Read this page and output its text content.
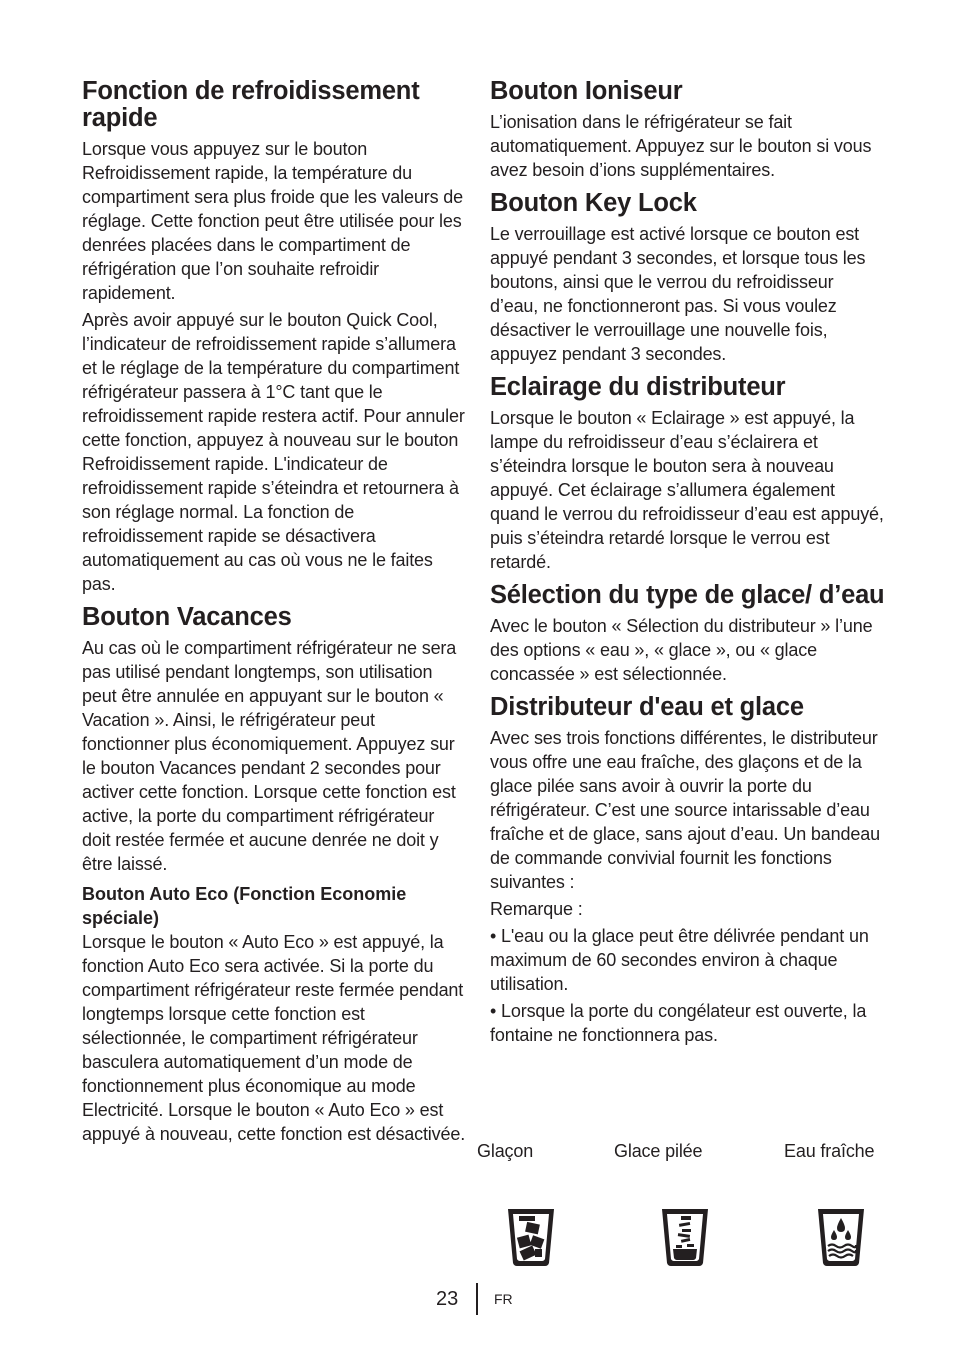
Fonction de refroidissement rapide

Lorsque vous appuyez sur le bouton Refroidissement rapide, la température du compartiment sera plus froide que les valeurs de réglage. Cette fonction peut être utilisée pour les denrées placées dans le compartiment de réfrigération que l’on souhaite refroidir rapidement.

Après avoir appuyé sur le bouton Quick Cool, l’indicateur de refroidissement rapide s’allumera et le réglage de la température du compartiment réfrigérateur passera à 1°C tant que le refroidissement rapide restera actif. Pour annuler cette fonction, appuyez à nouveau sur le bouton Refroidissement rapide. L'indicateur de refroidissement rapide s’éteindra et retournera à son réglage normal. La fonction de refroidissement rapide se désactivera automatiquement au cas où vous ne le faites pas.

Bouton Vacances

Au cas où le compartiment réfrigérateur ne sera pas utilisé pendant longtemps, son utilisation peut être annulée en appuyant sur le bouton « Vacation ». Ainsi, le réfrigérateur peut fonctionner plus économiquement. Appuyez sur le bouton Vacances pendant 2 secondes pour activer cette fonction. Lorsque cette fonction est active, la porte du compartiment réfrigérateur doit restée fermée et aucune denrée ne doit y être laissé.

Bouton Auto Eco (Fonction Economie spéciale)

Lorsque le bouton « Auto Eco » est appuyé, la fonction Auto Eco sera activée. Si la porte du compartiment réfrigérateur reste fermée pendant longtemps lorsque cette fonction est sélectionnée, le compartiment réfrigérateur basculera automatiquement d’un mode de fonctionnement plus économique au mode Electricité. Lorsque le bouton « Auto Eco » est appuyé à nouveau, cette fonction est désactivée.

Bouton Ioniseur

L’ionisation dans le réfrigérateur se fait automatiquement. Appuyez sur le bouton si vous avez besoin d’ions supplémentaires.

Bouton Key Lock

Le verrouillage est activé lorsque ce bouton est appuyé pendant 3 secondes, et lorsque tous les boutons, ainsi que le verrou du refroidisseur d’eau, ne fonctionneront pas. Si vous voulez désactiver le verrouillage une nouvelle fois, appuyez pendant 3 secondes.

Eclairage du distributeur

Lorsque le bouton « Eclairage » est appuyé, la lampe du refroidisseur d’eau s’éclairera et s’éteindra lorsque le bouton sera à nouveau appuyé. Cet éclairage s’allumera également quand le verrou du refroidisseur d’eau est appuyé, puis s’éteindra retardé lorsque le verrou est retardé.

Sélection du type de glace/ d’eau

Avec le bouton « Sélection du distributeur » l’une des options « eau », « glace », ou « glace concassée » est sélectionnée.

Distributeur d'eau et glace

Avec ses trois fonctions différentes, le distributeur vous offre une eau fraîche, des glaçons et de la glace pilée sans avoir à ouvrir la porte du réfrigérateur. C’est une source intarissable d’eau fraîche et de glace, sans ajout d’eau. Un bandeau de commande convivial fournit les fonctions suivantes :

Remarque :

• L'eau ou la glace peut être délivrée pendant un maximum de 60 secondes environ à chaque utilisation.

• Lorsque la porte du congélateur est ouverte, la fontaine ne fonctionnera pas.

Glaçon	Glace pilée	Eau fraîche
23	FR
